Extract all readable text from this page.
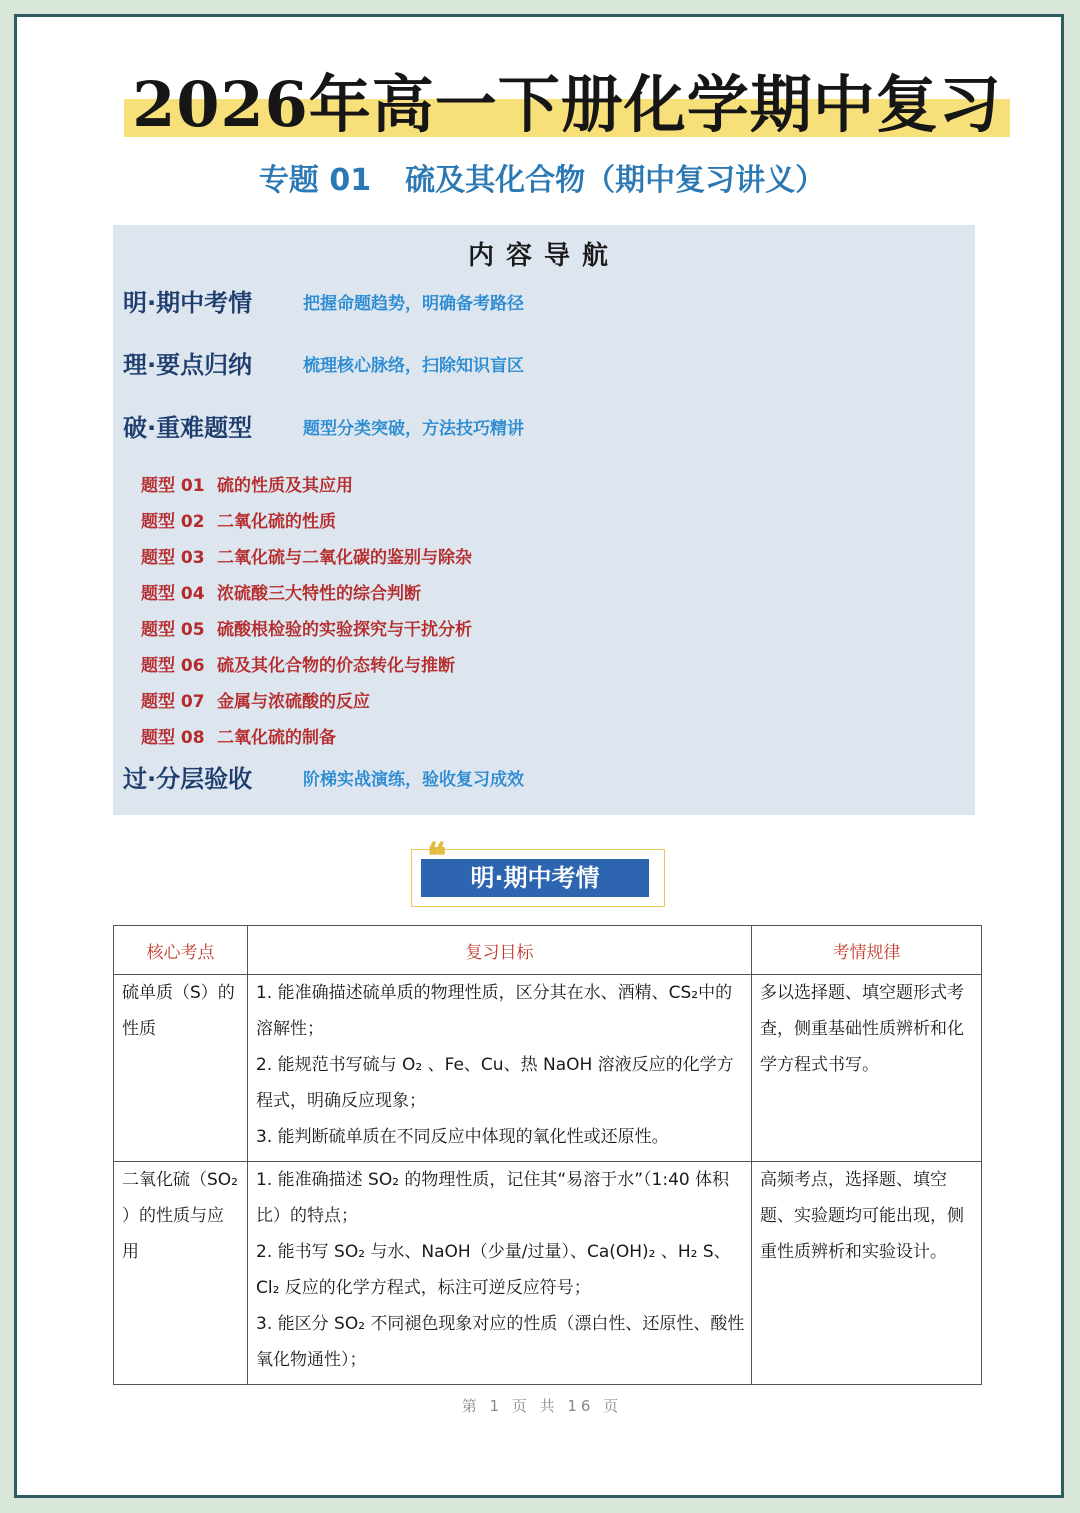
2026年高一下册化学期中复习
专题 01 硫及其化合物（期中复习讲义）
内容导航
明·期中考情	把握命题趋势，明确备考路径
理·要点归纳	梳理核心脉络，扫除知识盲区
破·重难题型	题型分类突破，方法技巧精讲
题型 01 硫的性质及其应用
题型 02 二氧化硫的性质
题型 03 二氧化硫与二氧化碳的鉴别与除杂
题型 04 浓硫酸三大特性的综合判断
题型 05 硫酸根检验的实验探究与干扰分析
题型 06 硫及其化合物的价态转化与推断
题型 07 金属与浓硫酸的反应
题型 08 二氧化硫的制备
过·分层验收	阶梯实战演练，验收复习成效
明·期中考情
❝
核心考点	复习目标	考情规律
硫单质（S）的性质	1. 能准确描述硫单质的物理性质，区分其在水、酒精、CS₂中的溶解性；
2. 能规范书写硫与 O₂ 、Fe、Cu、热 NaOH 溶液反应的化学方程式，明确反应现象；
3. 能判断硫单质在不同反应中体现的氧化性或还原性。	多以选择题、填空题形式考查，侧重基础性质辨析和化学方程式书写。
二氧化硫（SO₂ ）的性质与应用	1. 能准确描述 SO₂ 的物理性质，记住其“易溶于水”（1:40 体积比）的特点；
2. 能书写 SO₂ 与水、NaOH（少量/过量）、Ca(OH)₂ 、H₂ S、Cl₂ 反应的化学方程式，标注可逆反应符号；
3. 能区分 SO₂ 不同褪色现象对应的性质（漂白性、还原性、酸性氧化物通性）；	高频考点，选择题、填空题、实验题均可能出现，侧重性质辨析和实验设计。
第 1 页 共 16 页
